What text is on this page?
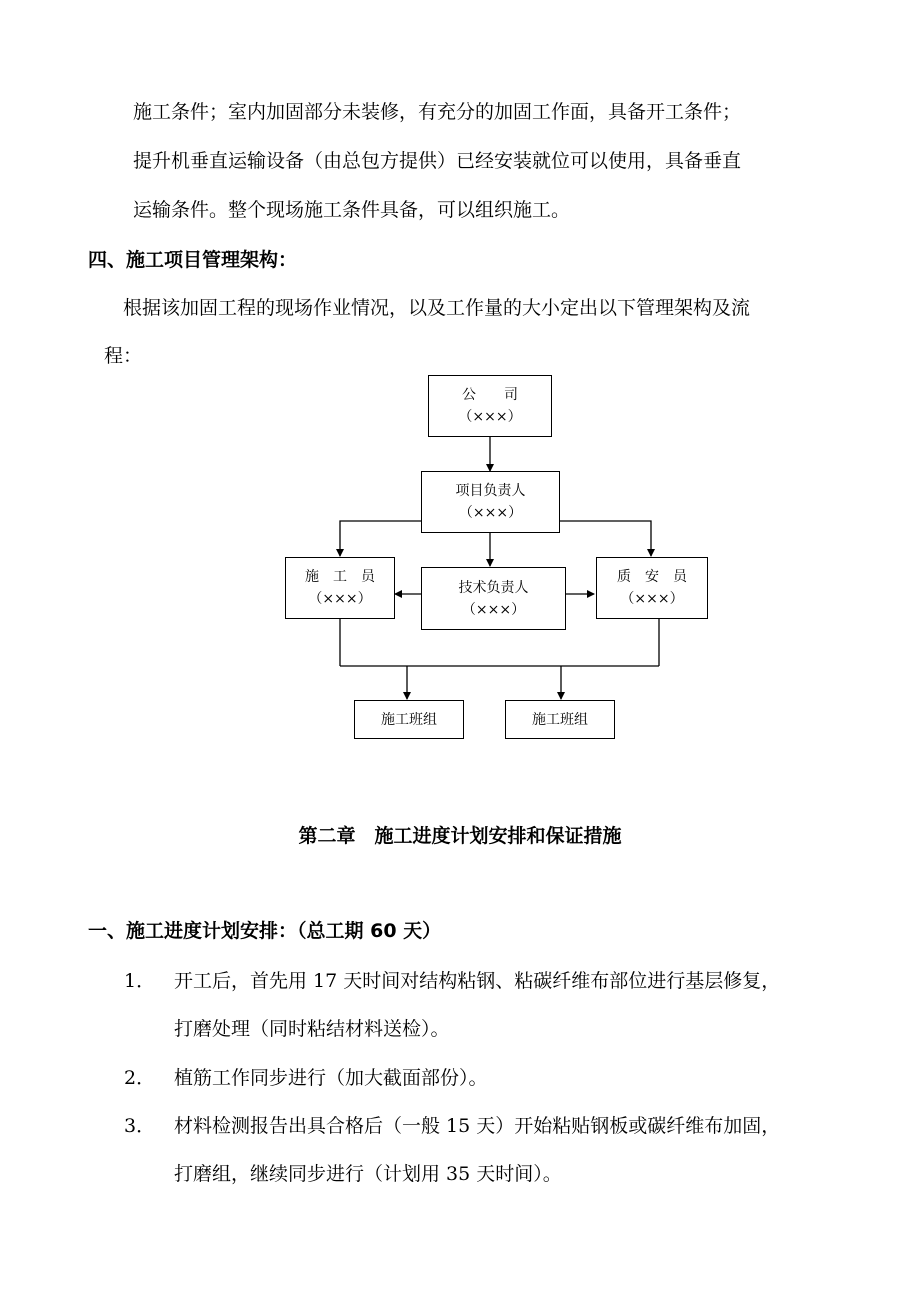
施工条件；室内加固部分未装修，有充分的加固工作面，具备开工条件；
提升机垂直运输设备（由总包方提供）已经安装就位可以使用，具备垂直
运输条件。整个现场施工条件具备，可以组织施工。
四、施工项目管理架构：
根据该加固工程的现场作业情况，以及工作量的大小定出以下管理架构及流
程：
公　　司
（×××）
项目负责人
（×××）
施　工　员
（×××）
技术负责人
（×××）
质　安　员
（×××）
施工班组	施工班组
第二章　施工进度计划安排和保证措施
一、施工进度计划安排：（总工期 60 天）
1． 开工后，首先用 17 天时间对结构粘钢、粘碳纤维布部位进行基层修复，
打磨处理（同时粘结材料送检）。
2． 植筋工作同步进行（加大截面部份）。
3． 材料检测报告出具合格后（一般 15 天）开始粘贴钢板或碳纤维布加固，
打磨组，继续同步进行（计划用 35 天时间）。
